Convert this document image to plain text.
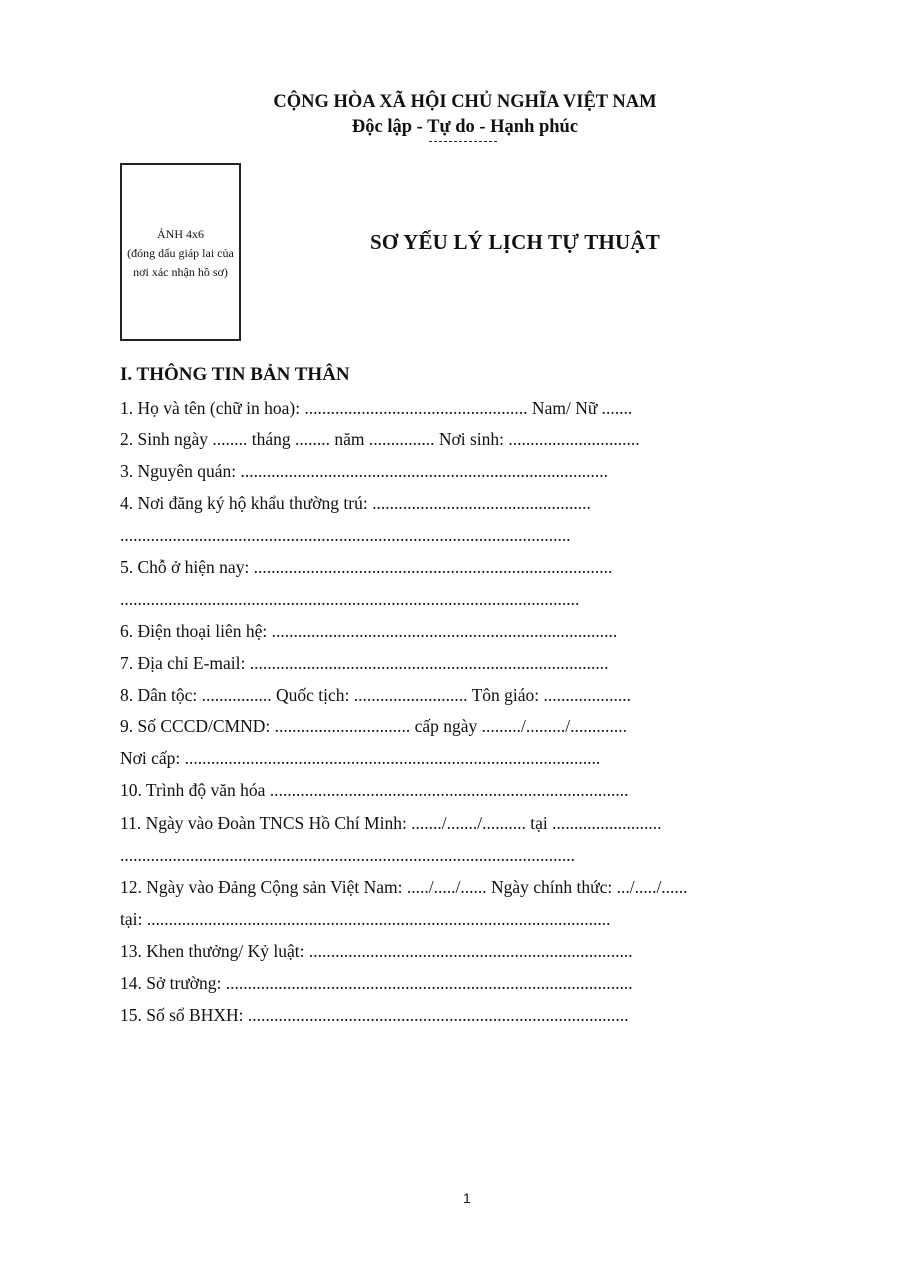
CỘNG HÒA XÃ HỘI CHỦ NGHĨA VIỆT NAM
Độc lập - Tự do - Hạnh phúc
ẢNH 4x6
(đóng dấu giáp lai của nơi xác nhận hồ sơ)
SƠ YẾU LÝ LỊCH TỰ THUẬT
I. THÔNG TIN BẢN THÂN
1. Họ và tên (chữ in hoa): ................................................... Nam/ Nữ .......
2. Sinh ngày ........ tháng ........ năm ............... Nơi sinh: ..............................
3. Nguyên quán: ....................................................................................
4. Nơi đăng ký hộ khẩu thường trú: ..................................................
.......................................................................................................
5. Chỗ ở hiện nay: ..................................................................................
.........................................................................................................
6. Điện thoại liên hệ: ...............................................................................
7. Địa chỉ E-mail: ..................................................................................
8. Dân tộc: ................ Quốc tịch: .......................... Tôn giáo: ....................
9. Số CCCD/CMND: ............................... cấp ngày ........./........./.............
Nơi cấp: ...............................................................................................
10. Trình độ văn hóa ..................................................................................
11. Ngày vào Đoàn TNCS Hồ Chí Minh: ......./......./.......... tại .........................
........................................................................................................
12. Ngày vào Đảng Cộng sản Việt Nam: ...../...../...... Ngày chính thức: .../...../......
tại: ..........................................................................................................
13. Khen thưởng/ Kỷ luật: ..........................................................................
14. Sở trường: .............................................................................................
15. Số sổ BHXH: .......................................................................................
1
